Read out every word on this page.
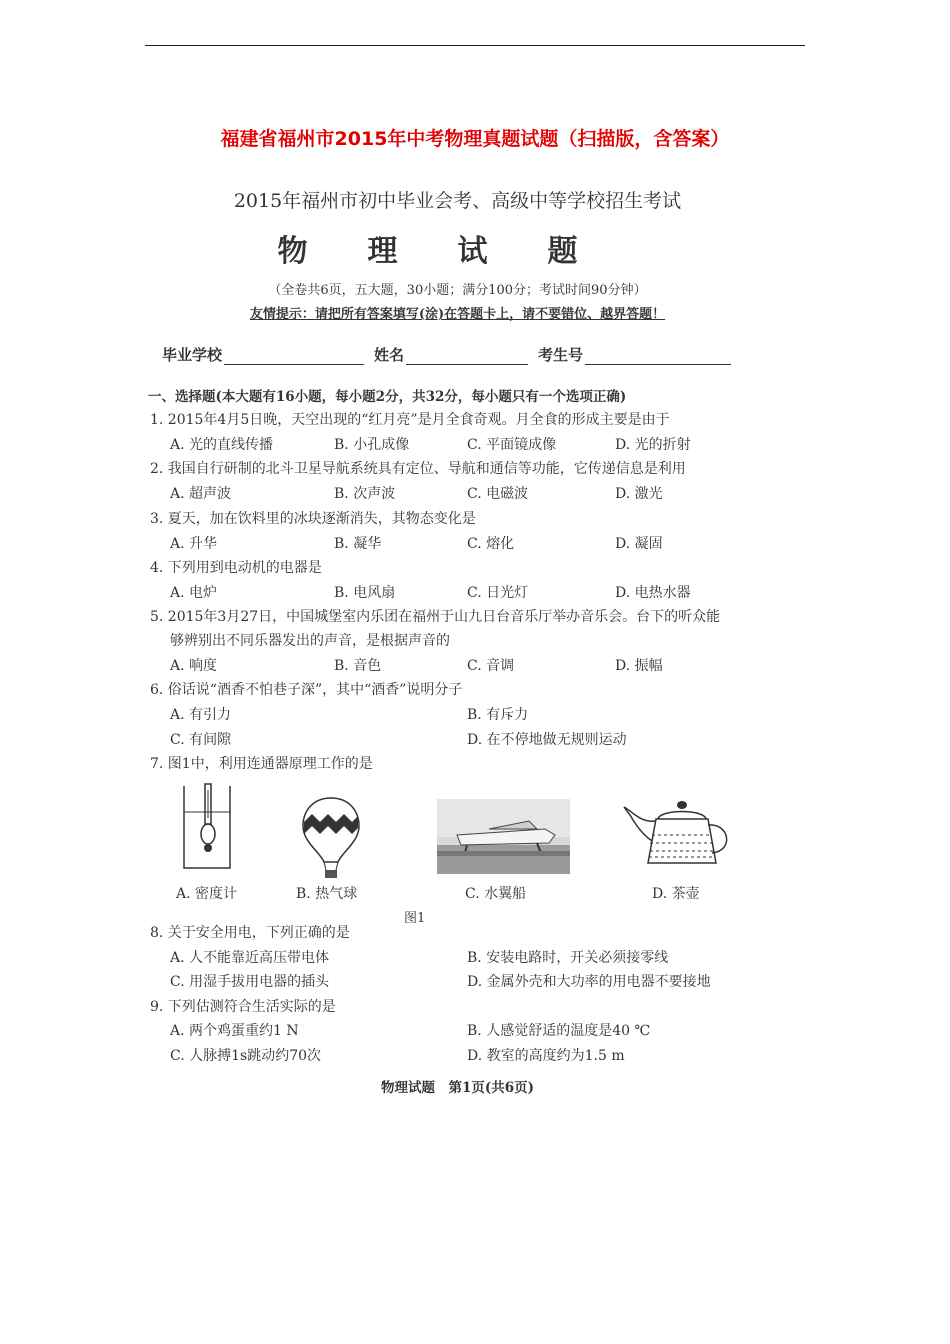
福建省福州市2015年中考物理真题试题（扫描版，含答案）
2015年福州市初中毕业会考、高级中等学校招生考试
物理试题
（全卷共6页，五大题，30小题；满分100分；考试时间90分钟）
友情提示：请把所有答案填写(涂)在答题卡上，请不要错位、越界答题！
毕业学校	姓名	考生号
一、选择题(本大题有16小题，每小题2分，共32分，每小题只有一个选项正确)
1. 2015年4月5日晚，天空出现的“红月亮”是月全食奇观。月全食的形成主要是由于
A. 光的直线传播	B. 小孔成像	C. 平面镜成像	D. 光的折射
2. 我国自行研制的北斗卫星导航系统具有定位、导航和通信等功能，它传递信息是利用
A. 超声波	B. 次声波	C. 电磁波	D. 激光
3. 夏天，加在饮料里的冰块逐渐消失，其物态变化是
A. 升华	B. 凝华	C. 熔化	D. 凝固
4. 下列用到电动机的电器是
A. 电炉	B. 电风扇	C. 日光灯	D. 电热水器
5. 2015年3月27日，中国城堡室内乐团在福州于山九日台音乐厅举办音乐会。台下的听众能
够辨别出不同乐器发出的声音，是根据声音的
A. 响度	B. 音色	C. 音调	D. 振幅
6. 俗话说“酒香不怕巷子深”，其中“酒香”说明分子
A. 有引力	B. 有斥力
C. 有间隙	D. 在不停地做无规则运动
7. 图1中，利用连通器原理工作的是
A. 密度计	B. 热气球	C. 水翼船	D. 茶壶
图1
8. 关于安全用电，下列正确的是
A. 人不能靠近高压带电体	B. 安装电路时，开关必须接零线
C. 用湿手拔用电器的插头	D. 金属外壳和大功率的用电器不要接地
9. 下列估测符合生活实际的是
A. 两个鸡蛋重约1 N	B. 人感觉舒适的温度是40 ℃
C. 人脉搏1s跳动约70次	D. 教室的高度约为1.5 m
物理试题　第1页(共6页)
